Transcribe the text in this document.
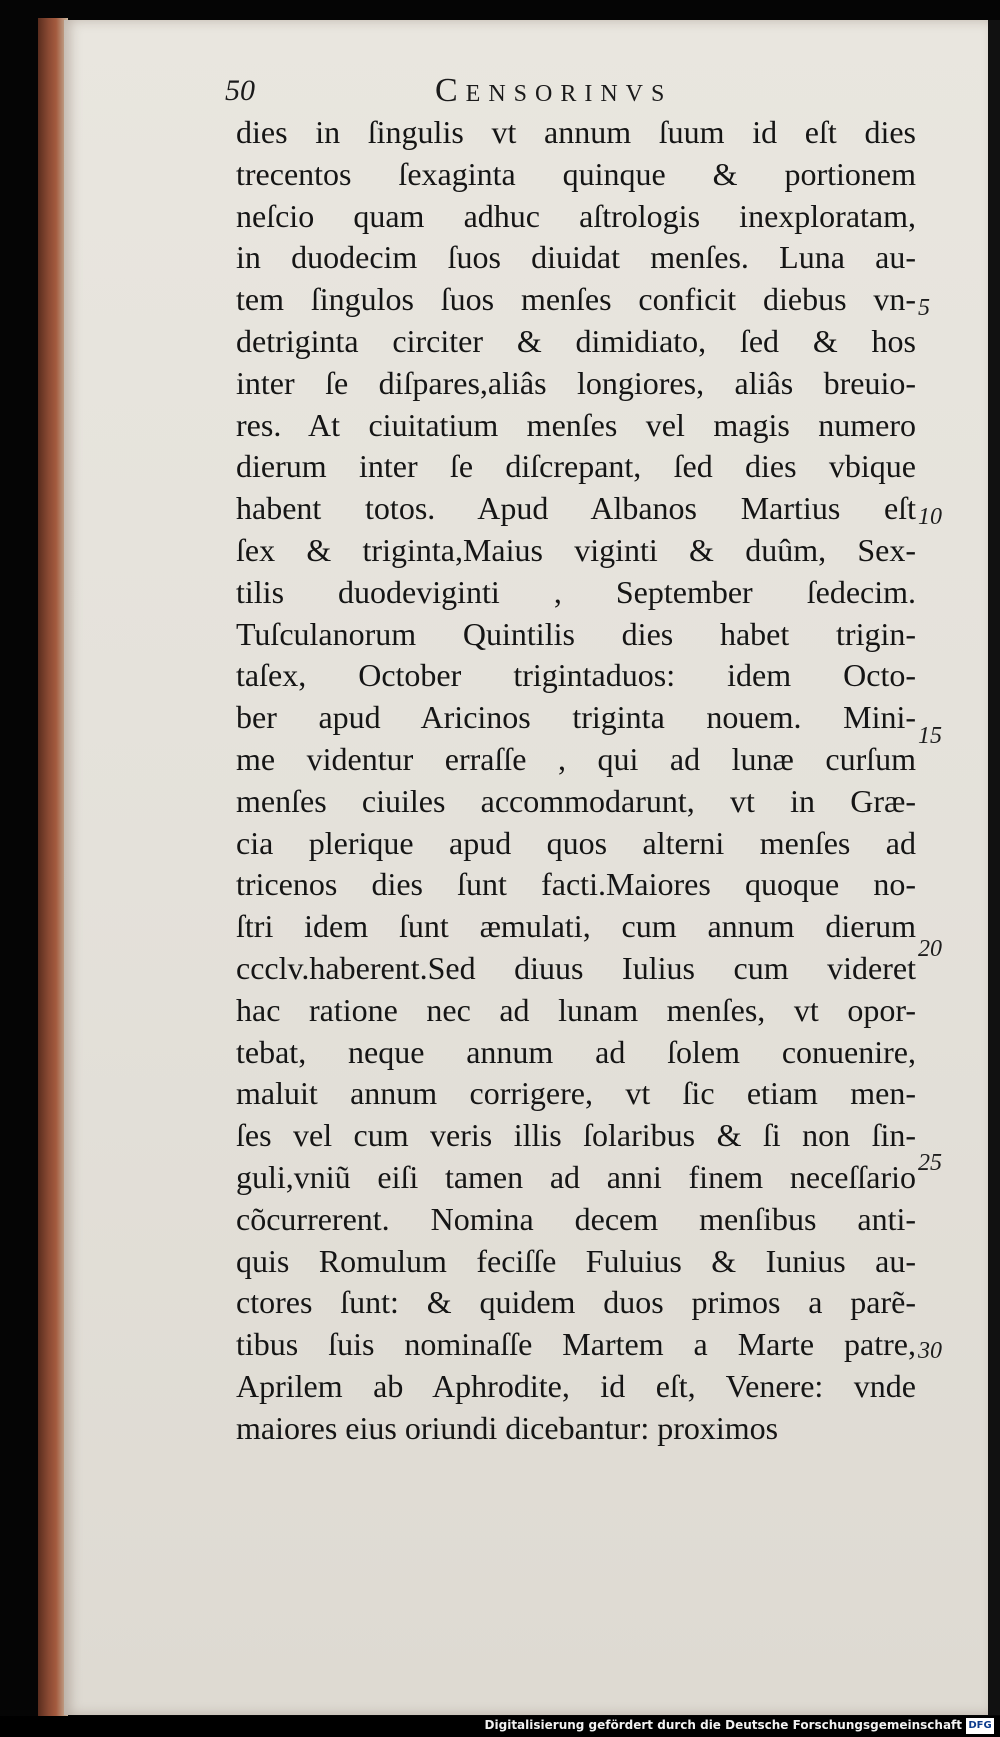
50	Censorinvs
dies in ſingulis vt annum ſuum id eſt dies
trecentos ſexaginta quinque & portionem
neſcio quam adhuc aſtrologis inexploratam,
in duodecim ſuos diuidat menſes. Luna au-
tem ſingulos ſuos menſes conficit diebus vn-
detriginta circiter & dimidiato, ſed & hos
inter ſe diſpares,aliâs longiores, aliâs breuio-
res. At ciuitatium menſes vel magis numero
dierum inter ſe diſcrepant, ſed dies vbique
habent totos. Apud Albanos Martius eſt
ſex & triginta,Maius viginti & duûm, Sex-
tilis duodeviginti , September ſedecim.
Tuſculanorum Quintilis dies habet trigin-
taſex, October trigintaduos: idem Octo-
ber apud Aricinos triginta nouem. Mini-
me videntur erraſſe , qui ad lunæ curſum
menſes ciuiles accommodarunt, vt in Græ-
cia plerique apud quos alterni menſes ad
tricenos dies ſunt facti.Maiores quoque no-
ſtri idem ſunt æmulati, cum annum dierum
ccclv.haberent.Sed diuus Iulius cum videret
hac ratione nec ad lunam menſes, vt opor-
tebat, neque annum ad ſolem conuenire,
maluit annum corrigere, vt ſic etiam men-
ſes vel cum veris illis ſolaribus & ſi non ſin-
guli,vniũ eiſi tamen ad anni finem neceſſario
cõcurrerent. Nomina decem menſibus anti-
quis Romulum feciſſe Fuluius & Iunius au-
ctores ſunt: & quidem duos primos a parẽ-
tibus ſuis nominaſſe Martem a Marte patre,
Aprilem ab Aphrodite, id eſt, Venere: vnde
maiores eius oriundi dicebantur: proximos
5
10
15
20
25
30
Digitalisierung gefördert durch die Deutsche Forschungsgemeinschaft DFG
